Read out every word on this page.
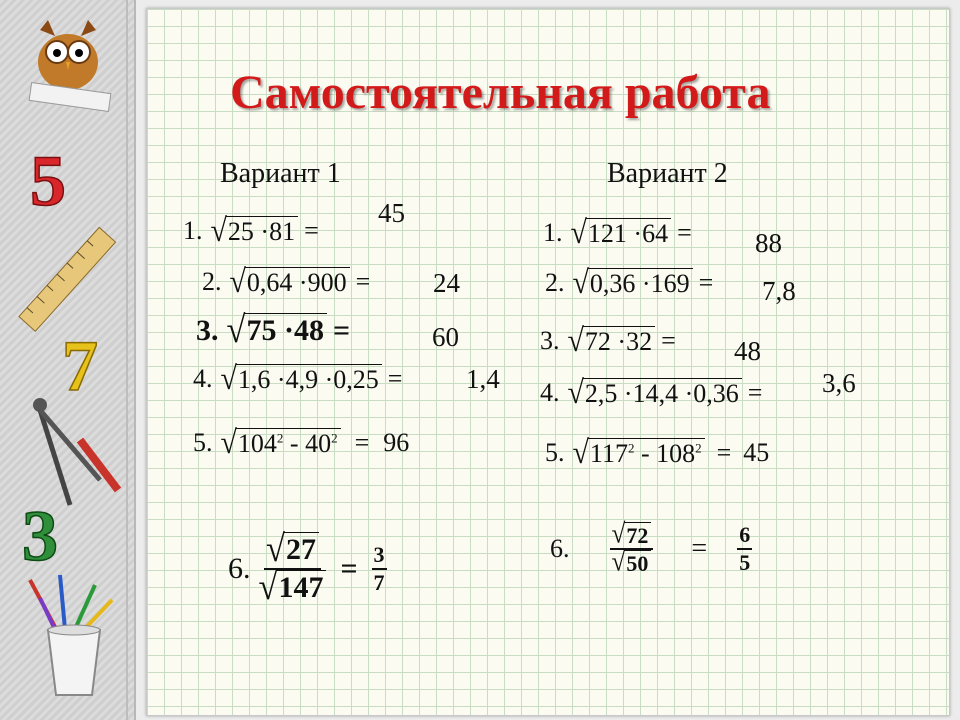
5
7
3
Самостоятельная работа
Вариант 1
1. √ 25 ·81 =
45
2. √ 0,64 ·900 = 24
3. √ 75 ·48 =	60
4. √ 1,6 ·4,9 ·0,25 = 1,4
5. √ $104^2 - 40^2 = 96$
6. $\frac{√ 27}{√ 147} = \frac{3}{7}$
Вариант 2
1. √ 121 ·64 = 88
2. √ 0,36 ·169 = 7,8
3. √ 72 ·32 = 48
4. √ 2,5 ·14,4 ·0,36 = 3,6
5. √ $117^2 - 108^2 = 45$
6. $\frac{√ 72}{√ 50} = \frac{6}{5}$
